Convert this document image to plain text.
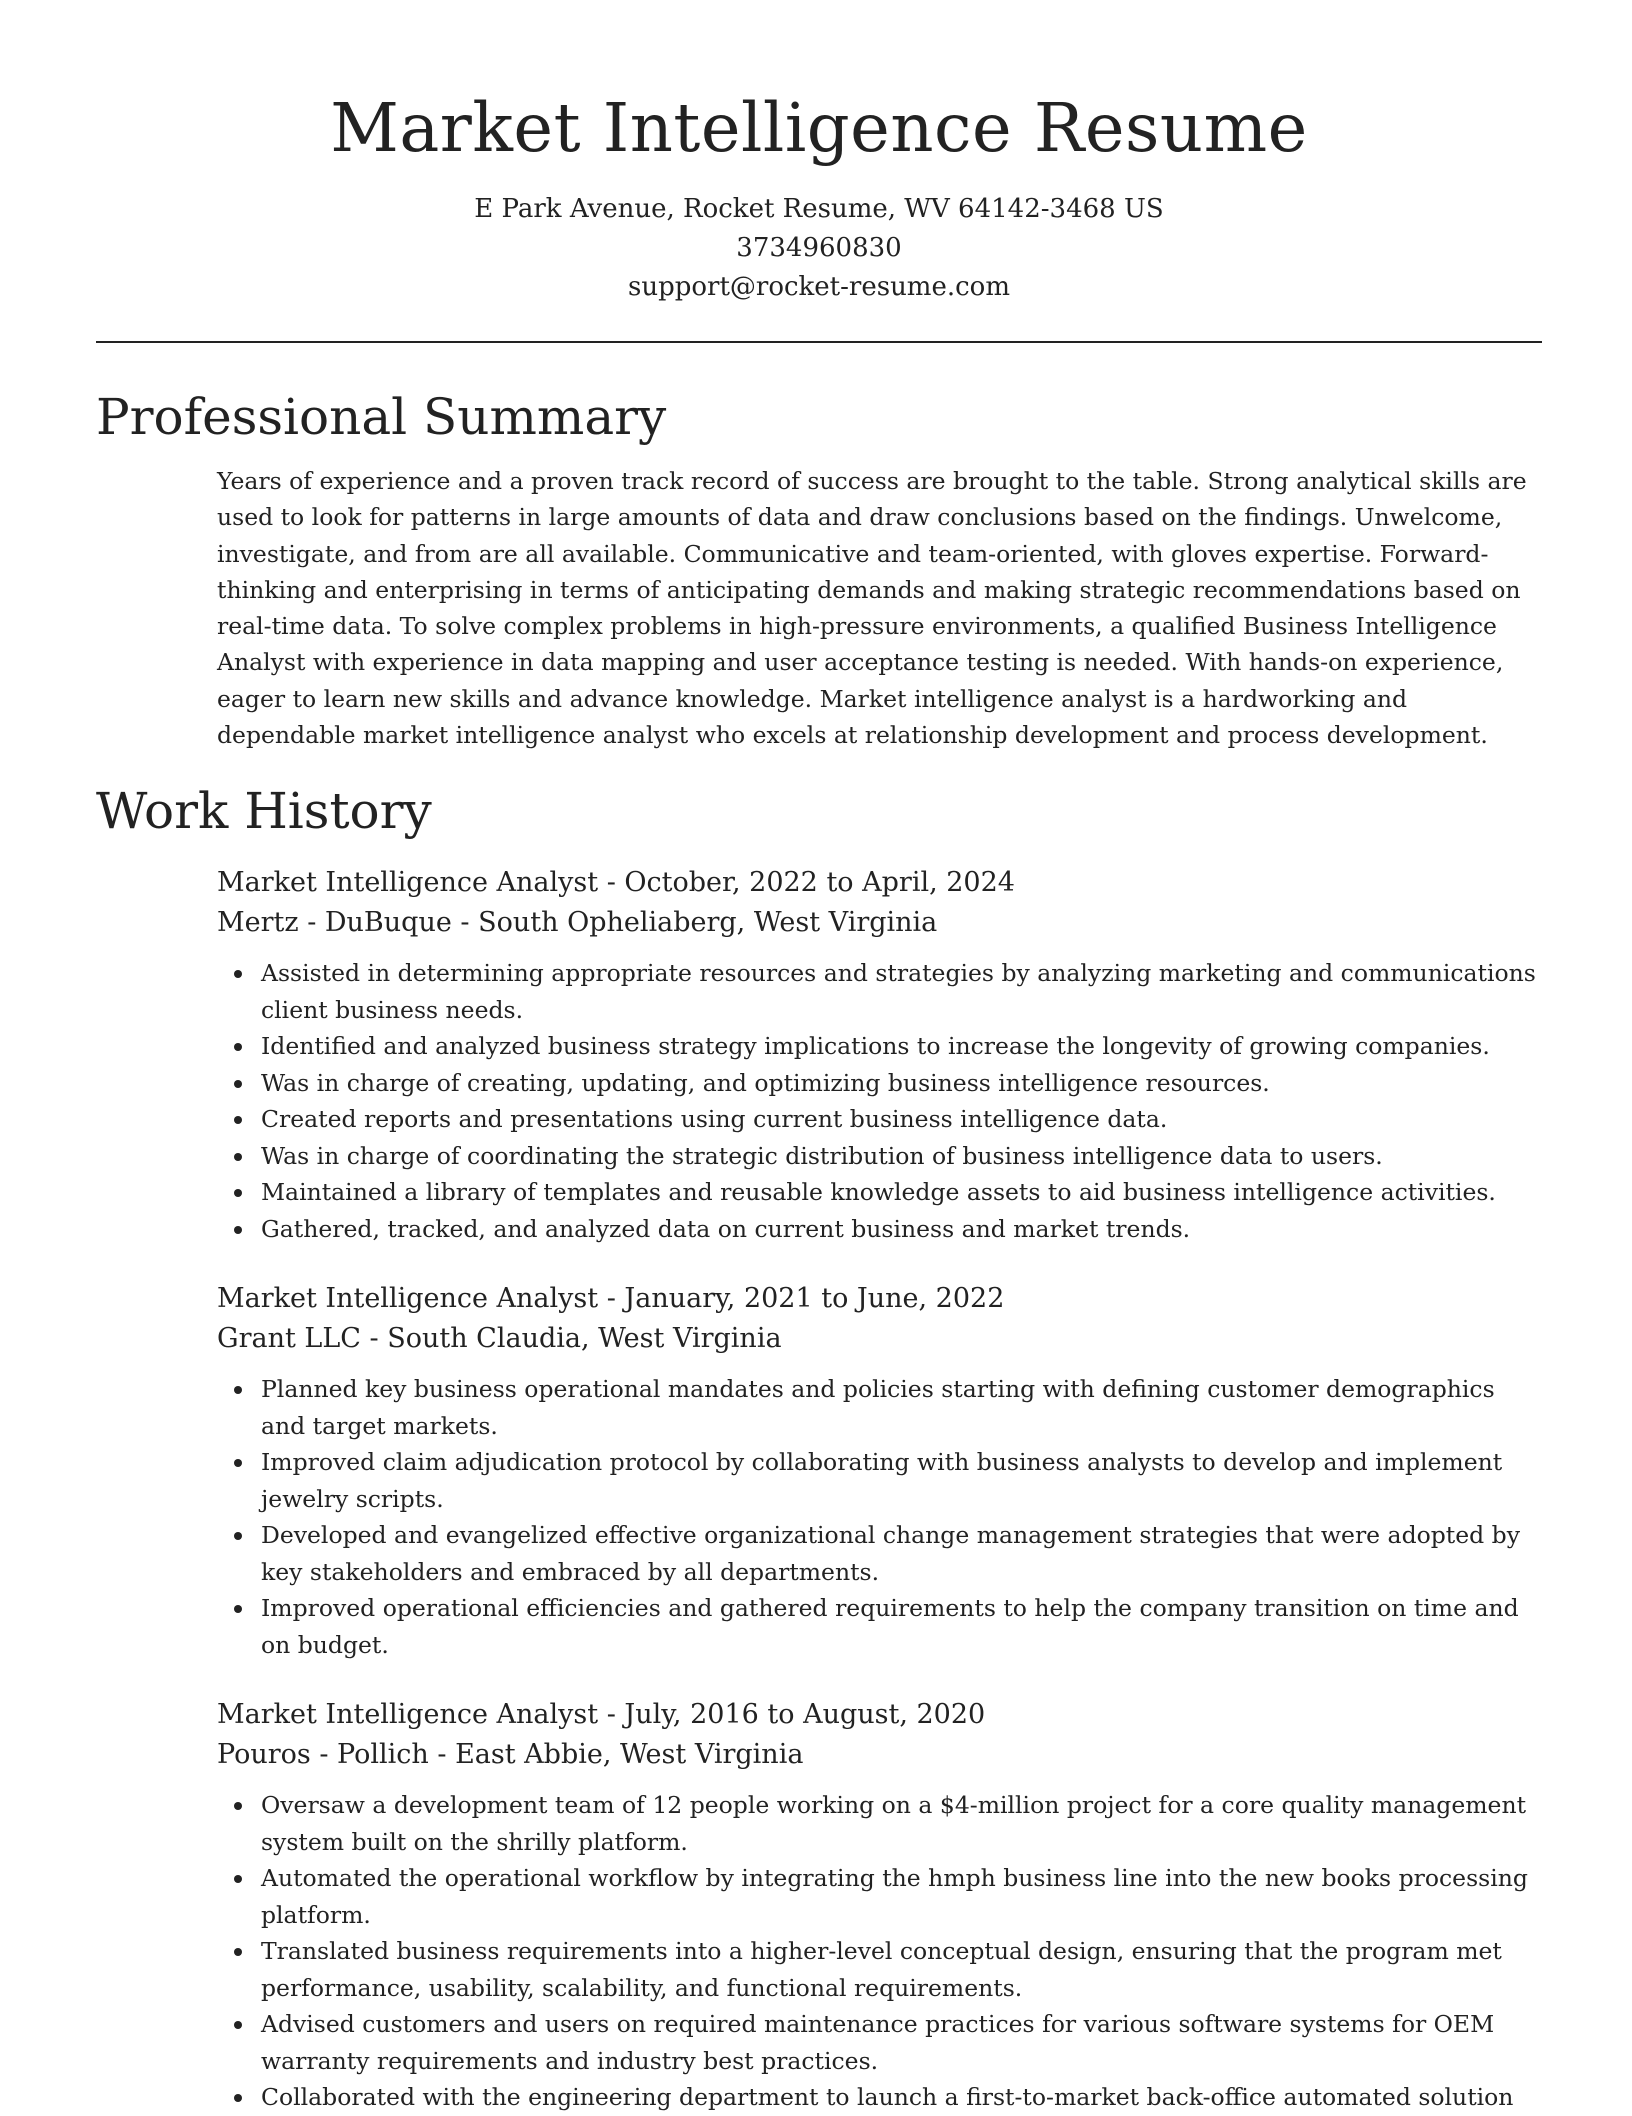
Market Intelligence Resume
E Park Avenue, Rocket Resume, WV 64142-3468 US
3734960830
support@rocket-resume.com
Professional Summary
Years of experience and a proven track record of success are brought to the table. Strong analytical skills are used to look for patterns in large amounts of data and draw conclusions based on the findings. Unwelcome, investigate, and from are all available. Communicative and team-oriented, with gloves expertise. Forward-thinking and enterprising in terms of anticipating demands and making strategic recommendations based on real-time data. To solve complex problems in high-pressure environments, a qualified Business Intelligence Analyst with experience in data mapping and user acceptance testing is needed. With hands-on experience, eager to learn new skills and advance knowledge. Market intelligence analyst is a hardworking and dependable market intelligence analyst who excels at relationship development and process development.
Work History
Market Intelligence Analyst - October, 2022 to April, 2024
Mertz - DuBuque - South Opheliaberg, West Virginia
Assisted in determining appropriate resources and strategies by analyzing marketing and communications client business needs.
Identified and analyzed business strategy implications to increase the longevity of growing companies.
Was in charge of creating, updating, and optimizing business intelligence resources.
Created reports and presentations using current business intelligence data.
Was in charge of coordinating the strategic distribution of business intelligence data to users.
Maintained a library of templates and reusable knowledge assets to aid business intelligence activities.
Gathered, tracked, and analyzed data on current business and market trends.
Market Intelligence Analyst - January, 2021 to June, 2022
Grant LLC - South Claudia, West Virginia
Planned key business operational mandates and policies starting with defining customer demographics and target markets.
Improved claim adjudication protocol by collaborating with business analysts to develop and implement jewelry scripts.
Developed and evangelized effective organizational change management strategies that were adopted by key stakeholders and embraced by all departments.
Improved operational efficiencies and gathered requirements to help the company transition on time and on budget.
Market Intelligence Analyst - July, 2016 to August, 2020
Pouros - Pollich - East Abbie, West Virginia
Oversaw a development team of 12 people working on a $4-million project for a core quality management system built on the shrilly platform.
Automated the operational workflow by integrating the hmph business line into the new books processing platform.
Translated business requirements into a higher-level conceptual design, ensuring that the program met performance, usability, scalability, and functional requirements.
Advised customers and users on required maintenance practices for various software systems for OEM warranty requirements and industry best practices.
Collaborated with the engineering department to launch a first-to-market back-office automated solution
